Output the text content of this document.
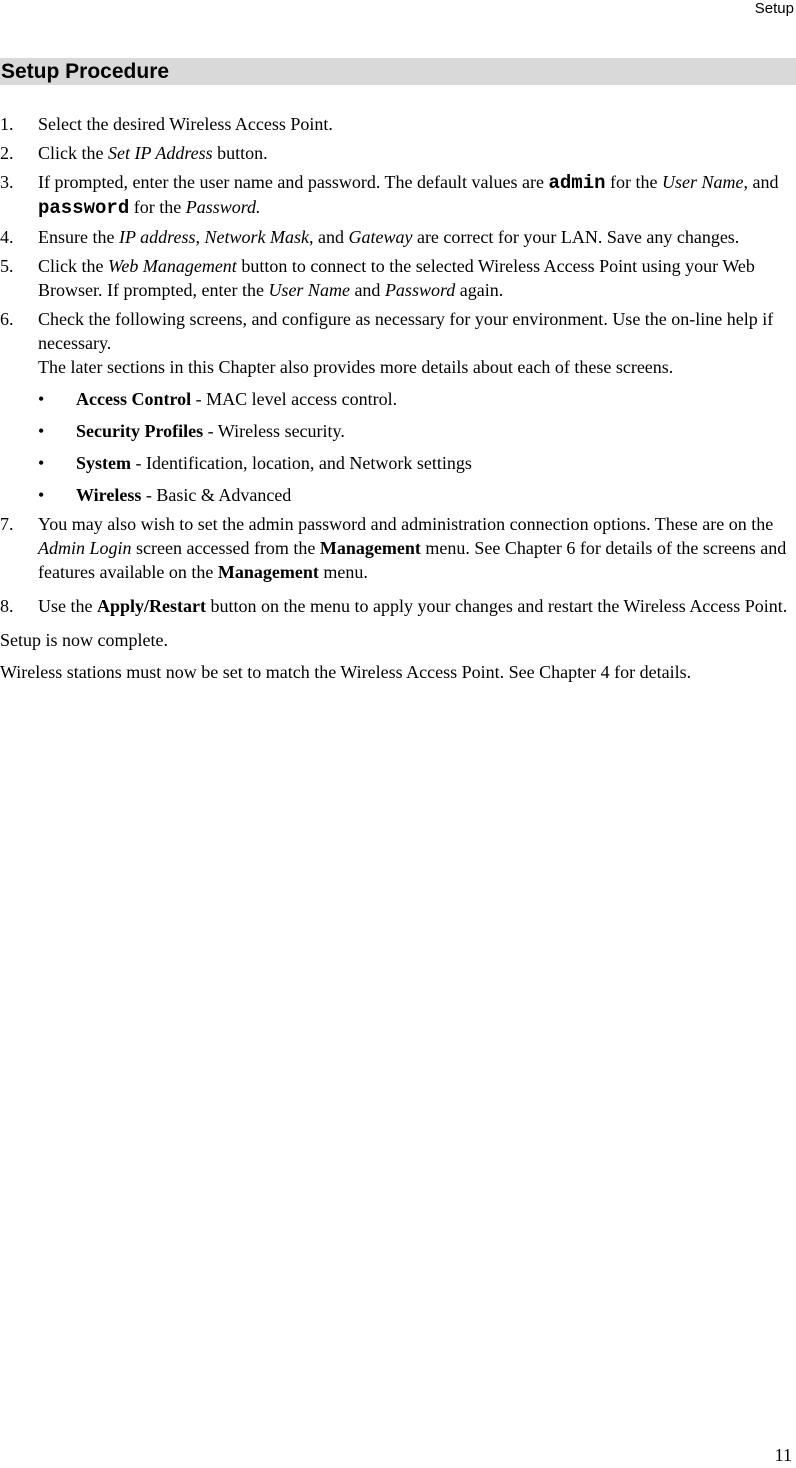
Setup
Setup Procedure
1. Select the desired Wireless Access Point.

2. Click the Set IP Address button.

3. If prompted, enter the user name and password. The default values are admin for the User Name, and password for the Password.

4. Ensure the IP address, Network Mask, and Gateway are correct for your LAN. Save any changes.

5. Click the Web Management button to connect to the selected Wireless Access Point using your Web Browser. If prompted, enter the User Name and Password again.

6. Check the following screens, and configure as necessary for your environment. Use the on-line help if necessary.
The later sections in this Chapter also provides more details about each of these screens.

• Access Control - MAC level access control.
• Security Profiles - Wireless security.
• System - Identification, location, and Network settings
• Wireless - Basic & Advanced
7. You may also wish to set the admin password and administration connection options. These are on the Admin Login screen accessed from the Management menu. See Chapter 6 for details of the screens and features available on the Management menu.

8. Use the Apply/Restart button on the menu to apply your changes and restart the Wireless Access Point.

Setup is now complete.
Wireless stations must now be set to match the Wireless Access Point. See Chapter 4 for details.
11
